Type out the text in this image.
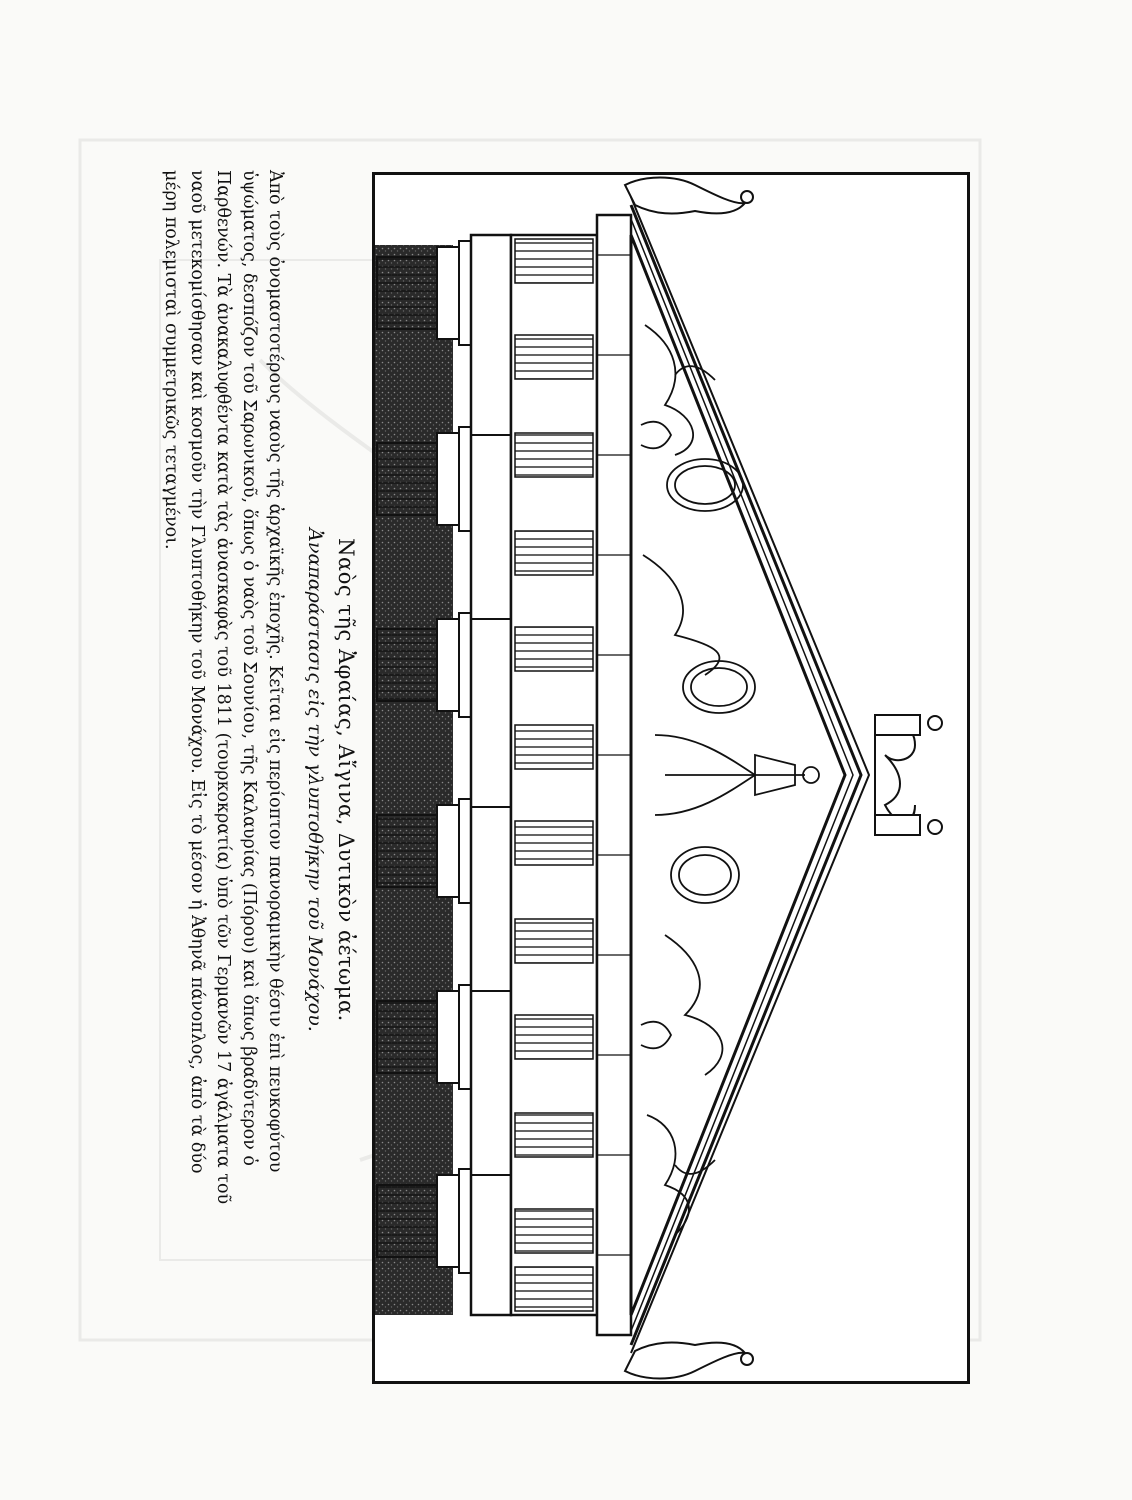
Ναὸς τῆς Ἀφαίας, Αἴγινα, Δυτικὸν ἀέτωμα.
Ἀναπαράστασις εἰς τὴν γλυπτοθήκην τοῦ Μονάχου.

Ἀπὸ τοὺς ὀνομαστοτέρους ναοὺς τῆς ἀρχαϊκῆς ἐποχῆς. Κεῖται εἰς περίοπτον πανοραμικὴν θέσιν ἐπὶ πευκοφύτου

ὑψώματος, δεσπόζον τοῦ Σαρωνικοῦ, ὅπως ὁ ναὸς τοῦ Σουνίου, τῆς Καλαυρίας (Πόρου) καὶ ὅπως βραδύτερον ὁ

Παρθενών. Τὰ ἀνακαλυφθέντα κατὰ τὰς ἀνασκαφὰς τοῦ 1811 (τουρκοκρατία) ὑπὸ τῶν Γερμανῶν 17 ἀγάλματα τοῦ

ναοῦ μετεκομίσθησαν καὶ κοσμοῦν τὴν Γλυπτοθήκην τοῦ Μονάχου. Εἰς τὸ μέσον ἡ Ἀθηνᾶ πάνοπλος, ἀπὸ τὰ δύο

μέρη πολεμισταὶ συμμετρικῶς τεταγμένοι.
